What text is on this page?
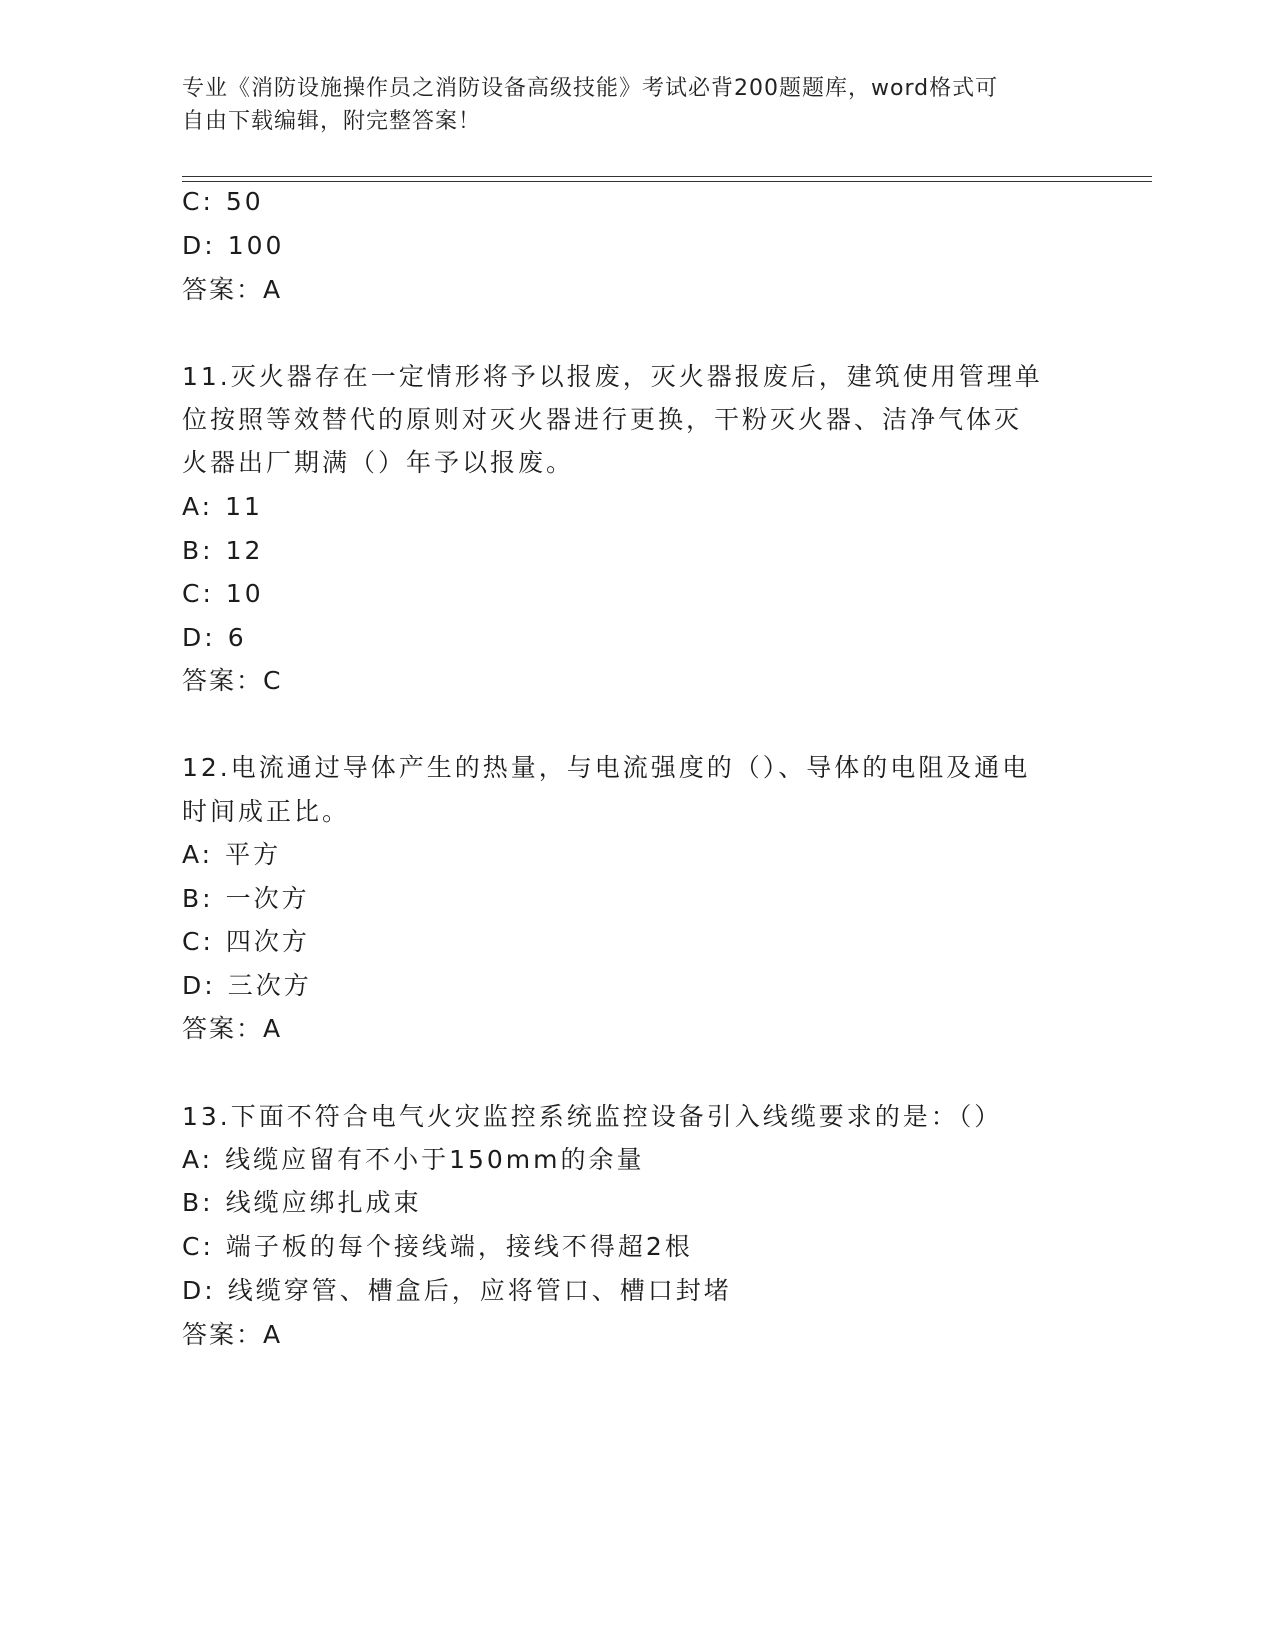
专业《消防设施操作员之消防设备高级技能》考试必背200题题库，word格式可
自由下载编辑，附完整答案！
C: 50
D: 100
答案：A
11.灭火器存在一定情形将予以报废，灭火器报废后，建筑使用管理单
位按照等效替代的原则对灭火器进行更换，干粉灭火器、洁净气体灭
火器出厂期满（）年予以报废。
A: 11
B: 12
C: 10
D: 6
答案：C
12.电流通过导体产生的热量，与电流强度的（）、导体的电阻及通电
时间成正比。
A: 平方
B: 一次方
C: 四次方
D: 三次方
答案：A
13.下面不符合电气火灾监控系统监控设备引入线缆要求的是：（）
A: 线缆应留有不小于150mm的余量
B: 线缆应绑扎成束
C: 端子板的每个接线端，接线不得超2根
D: 线缆穿管、槽盒后，应将管口、槽口封堵
答案：A
